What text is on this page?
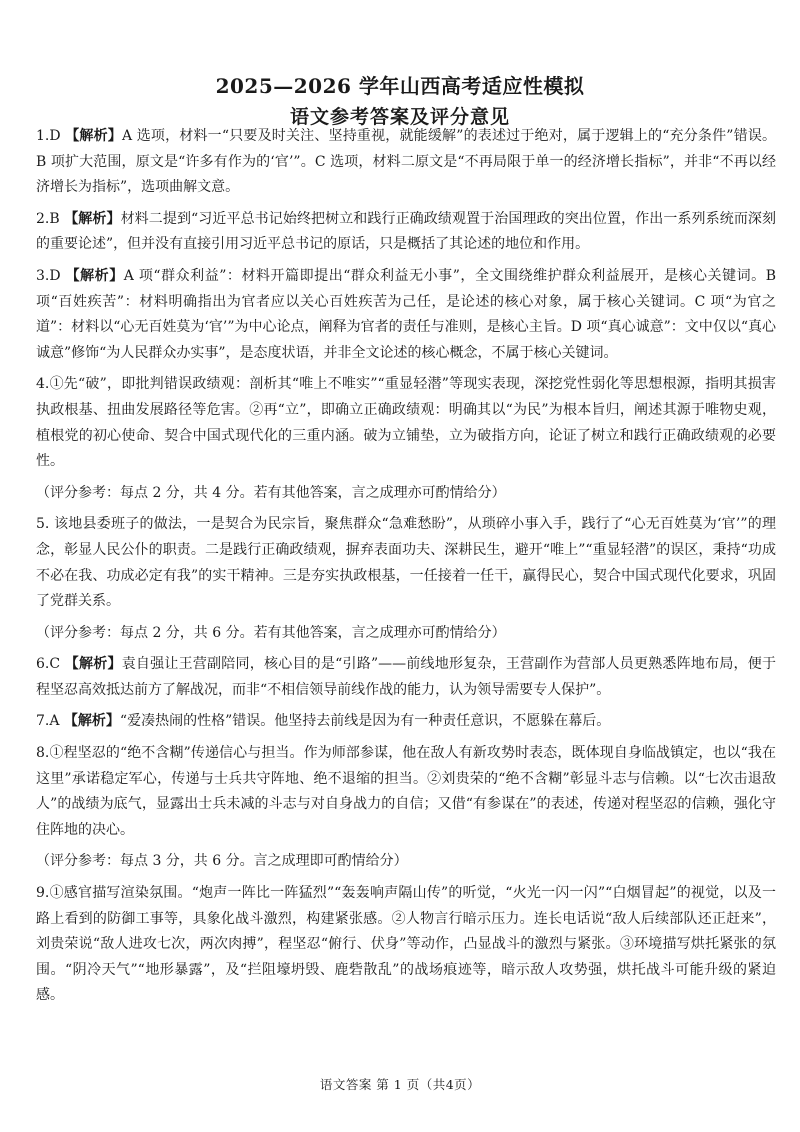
2025—2026 学年山西高考适应性模拟
语文参考答案及评分意见
1.D 【解析】A 选项，材料一“只要及时关注、坚持重视，就能缓解”的表述过于绝对，属于逻辑上的“充分条件”错误。B 项扩大范围，原文是“许多有作为的‘官’”。C 选项，材料二原文是“不再局限于单一的经济增长指标”，并非“不再以经济增长为指标”，选项曲解文意。
2.B 【解析】材料二提到“习近平总书记始终把树立和践行正确政绩观置于治国理政的突出位置，作出一系列系统而深刻的重要论述”，但并没有直接引用习近平总书记的原话，只是概括了其论述的地位和作用。
3.D 【解析】A 项“群众利益”：材料开篇即提出“群众利益无小事”，全文围绕维护群众利益展开，是核心关键词。B 项“百姓疾苦”：材料明确指出为官者应以关心百姓疾苦为己任，是论述的核心对象，属于核心关键词。C 项“为官之道”：材料以“心无百姓莫为‘官’”为中心论点，阐释为官者的责任与准则，是核心主旨。D 项“真心诚意”：文中仅以“真心诚意”修饰“为人民群众办实事”，是态度状语，并非全文论述的核心概念，不属于核心关键词。
4.①先“破”，即批判错误政绩观：剖析其“唯上不唯实”“重显轻潜”等现实表现，深挖党性弱化等思想根源，指明其损害执政根基、扭曲发展路径等危害。②再“立”，即确立正确政绩观：明确其以“为民”为根本旨归，阐述其源于唯物史观，植根党的初心使命、契合中国式现代化的三重内涵。破为立铺垫，立为破指方向，论证了树立和践行正确政绩观的必要性。
（评分参考：每点 2 分，共 4 分。若有其他答案，言之成理亦可酌情给分）
5. 该地县委班子的做法，一是契合为民宗旨，聚焦群众“急难愁盼”，从琐碎小事入手，践行了“心无百姓莫为‘官’”的理念，彰显人民公仆的职责。二是践行正确政绩观，摒弃表面功夫、深耕民生，避开“唯上”“重显轻潜”的误区，秉持“功成不必在我、功成必定有我”的实干精神。三是夯实执政根基，一任接着一任干，赢得民心，契合中国式现代化要求，巩固了党群关系。
（评分参考：每点 2 分，共 6 分。若有其他答案，言之成理亦可酌情给分）
6.C 【解析】袁自强让王营副陪同，核心目的是“引路”——前线地形复杂，王营副作为营部人员更熟悉阵地布局，便于程坚忍高效抵达前方了解战况，而非“不相信领导前线作战的能力，认为领导需要专人保护”。
7.A 【解析】“爱凑热闹的性格”错误。他坚持去前线是因为有一种责任意识，不愿躲在幕后。
8.①程坚忍的“绝不含糊”传递信心与担当。作为师部参谋，他在敌人有新攻势时表态，既体现自身临战镇定，也以“我在这里”承诺稳定军心，传递与士兵共守阵地、绝不退缩的担当。②刘贵荣的“绝不含糊”彰显斗志与信赖。以“七次击退敌人”的战绩为底气，显露出士兵未减的斗志与对自身战力的自信；又借“有参谋在”的表述，传递对程坚忍的信赖，强化守住阵地的决心。
（评分参考：每点 3 分，共 6 分。言之成理即可酌情给分）
9.①感官描写渲染氛围。“炮声一阵比一阵猛烈”“轰轰响声隔山传”的听觉，“火光一闪一闪”“白烟冒起”的视觉，以及一路上看到的防御工事等，具象化战斗激烈，构建紧张感。②人物言行暗示压力。连长电话说“敌人后续部队还正赶来”，刘贵荣说“敌人进攻七次，两次肉搏”，程坚忍“俯行、伏身”等动作，凸显战斗的激烈与紧张。③环境描写烘托紧张的氛围。“阴冷天气”“地形暴露”，及“拦阻壕坍毁、鹿砦散乱”的战场痕迹等，暗示敌人攻势强，烘托战斗可能升级的紧迫感。
语文答案 第 1 页（共4页）
